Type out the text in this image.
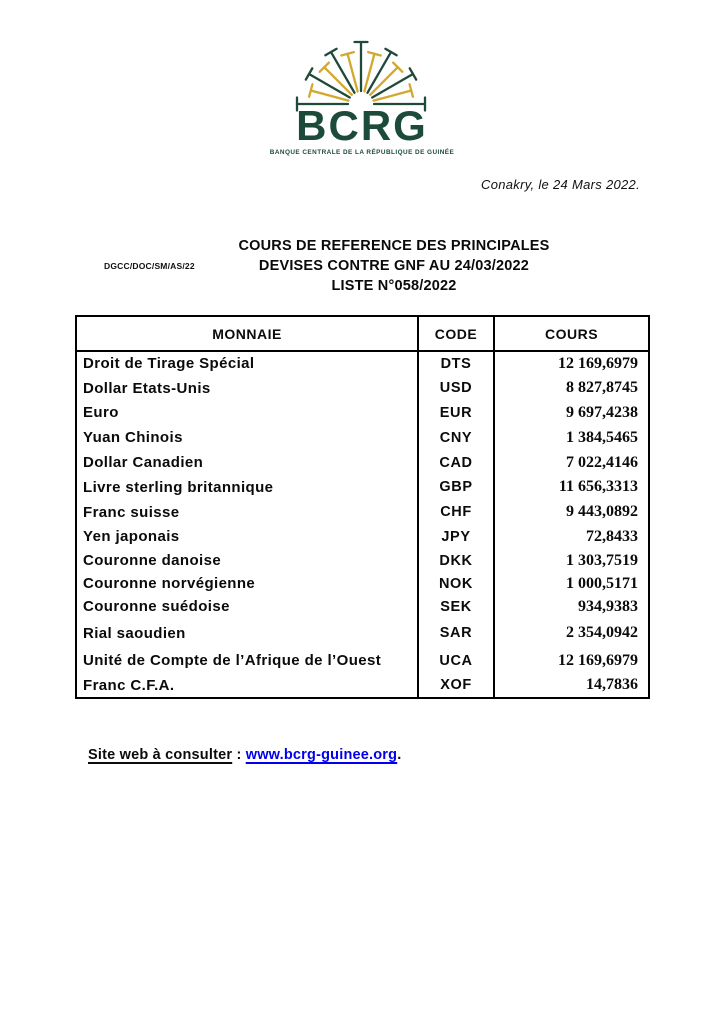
BCRG
BANQUE CENTRALE DE LA RÉPUBLIQUE DE GUINÉE
Conakry, le 24 Mars 2022.
DGCC/DOC/SM/AS/22
COURS DE REFERENCE DES PRINCIPALES
DEVISES CONTRE GNF AU 24/03/2022
LISTE N°058/2022
MONNAIE	CODE	COURS
Droit de Tirage Spécial	DTS	12 169,6979
Dollar Etats-Unis	USD	8 827,8745
Euro	EUR	9 697,4238
Yuan Chinois	CNY	1 384,5465
Dollar Canadien	CAD	7 022,4146
Livre sterling britannique	GBP	11 656,3313
Franc suisse	CHF	9 443,0892
Yen japonais	JPY	72,8433
Couronne danoise	DKK	1 303,7519
Couronne norvégienne	NOK	1 000,5171
Couronne suédoise	SEK	934,9383
Rial saoudien	SAR	2 354,0942
Unité de Compte de l’Afrique de l’Ouest	UCA	12 169,6979
Franc C.F.A.	XOF	14,7836
Site web à consulter : www.bcrg-guinee.org.
